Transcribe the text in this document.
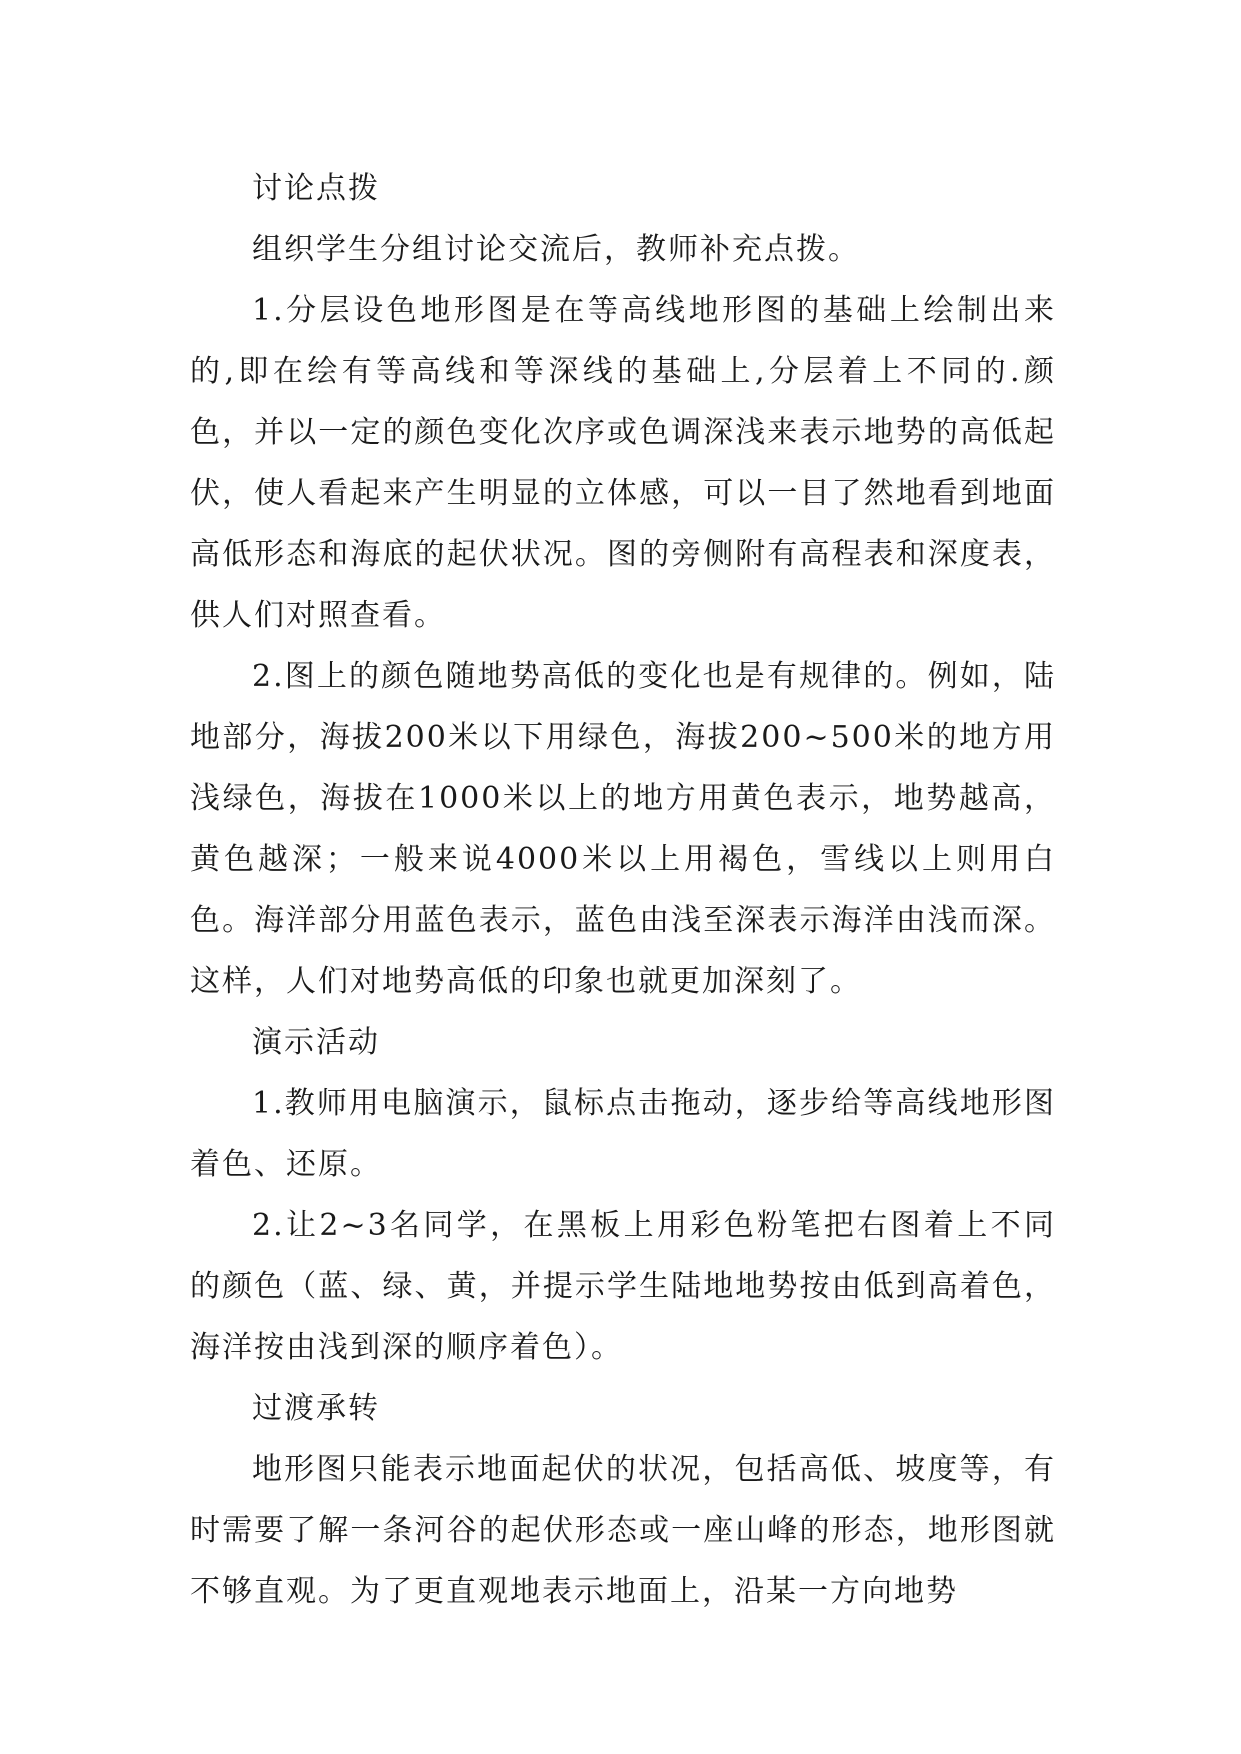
讨论点拨

组织学生分组讨论交流后，教师补充点拨。

1.分层设色地形图是在等高线地形图的基础上绘制出来的,即在绘有等高线和等深线的基础上,分层着上不同的.颜色，并以一定的颜色变化次序或色调深浅来表示地势的高低起伏，使人看起来产生明显的立体感，可以一目了然地看到地面高低形态和海底的起伏状况。图的旁侧附有高程表和深度表，供人们对照查看。

2.图上的颜色随地势高低的变化也是有规律的。例如，陆地部分，海拔200米以下用绿色，海拔200~500米的地方用浅绿色，海拔在1000米以上的地方用黄色表示，地势越高，黄色越深；一般来说4000米以上用褐色，雪线以上则用白色。海洋部分用蓝色表示，蓝色由浅至深表示海洋由浅而深。这样，人们对地势高低的印象也就更加深刻了。

演示活动

1.教师用电脑演示，鼠标点击拖动，逐步给等高线地形图着色、还原。

2.让2~3名同学，在黑板上用彩色粉笔把右图着上不同的颜色（蓝、绿、黄，并提示学生陆地地势按由低到高着色，海洋按由浅到深的顺序着色）。

过渡承转

地形图只能表示地面起伏的状况，包括高低、坡度等，有时需要了解一条河谷的起伏形态或一座山峰的形态，地形图就不够直观。为了更直观地表示地面上，沿某一方向地势
